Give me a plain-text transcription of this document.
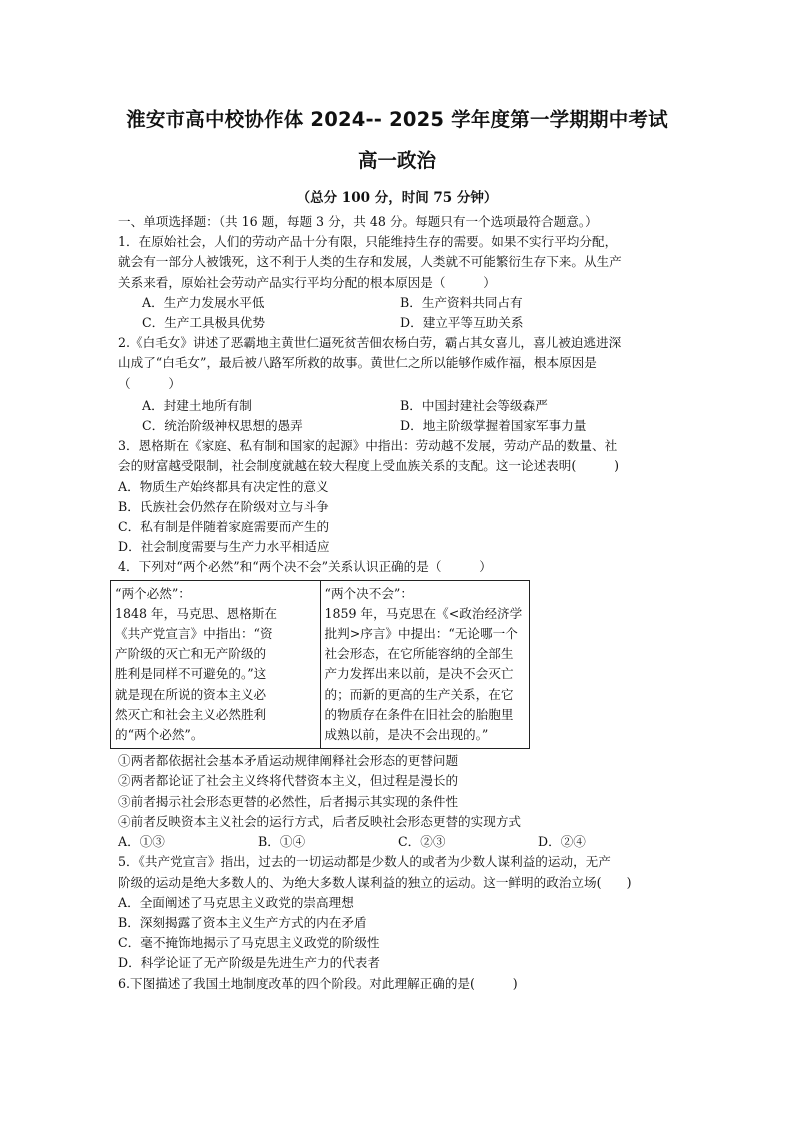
淮安市高中校协作体 2024-- 2025 学年度第一学期期中考试
高一政治
（总分 100 分，时间 75 分钟）

一、单项选择题：（共 16 题，每题 3 分，共 48 分。每题只有一个选项最符合题意。）

1．在原始社会，人们的劳动产品十分有限，只能维持生存的需要。如果不实行平均分配，

就会有一部分人被饿死，这不利于人类的生存和发展，人类就不可能繁衍生存下来。从生产

关系来看，原始社会劳动产品实行平均分配的根本原因是（　　　）

A．生产力发展水平低	B．生产资料共同占有
C．生产工具极具优势	D．建立平等互助关系

2.《白毛女》讲述了恶霸地主黄世仁逼死贫苦佃农杨白劳，霸占其女喜儿，喜儿被迫逃进深

山成了“白毛女”，最后被八路军所救的故事。黄世仁之所以能够作威作福，根本原因是

（　　　）

A．封建土地所有制	B．中国封建社会等级森严
C．统治阶级神权思想的愚弄	D．地主阶级掌握着国家军事力量

3．恩格斯在《家庭、私有制和国家的起源》中指出：劳动越不发展，劳动产品的数量、社

会的财富越受限制，社会制度就越在较大程度上受血族关系的支配。这一论述表明(　　　)

A．物质生产始终都具有决定性的意义

B．氏族社会仍然存在阶级对立与斗争

C．私有制是伴随着家庭需要而产生的

D．社会制度需要与生产力水平相适应

4．下列对“两个必然”和“两个决不会”关系认识正确的是（　　　）

“两个必然”：

1848 年，马克思、恩格斯在

《共产党宣言》中指出：“资

产阶级的灭亡和无产阶级的

胜利是同样不可避免的。”这

就是现在所说的资本主义必

然灭亡和社会主义必然胜利

的“两个必然”。

“两个决不会”：

1859 年，马克思在《<政治经济学

批判>序言》中提出：“无论哪一个

社会形态，在它所能容纳的全部生

产力发挥出来以前，是决不会灭亡

的；而新的更高的生产关系，在它

的物质存在条件在旧社会的胎胞里

成熟以前，是决不会出现的。”

①两者都依据社会基本矛盾运动规律阐释社会形态的更替问题

②两者都论证了社会主义终将代替资本主义，但过程是漫长的

③前者揭示社会形态更替的必然性，后者揭示其实现的条件性

④前者反映资本主义社会的运行方式，后者反映社会形态更替的实现方式

A．①③	B．①④	C．②③	D．②④

5．《共产党宣言》指出，过去的一切运动都是少数人的或者为少数人谋利益的运动，无产

阶级的运动是绝大多数人的、为绝大多数人谋利益的独立的运动。这一鲜明的政治立场(　　)

A．全面阐述了马克思主义政党的崇高理想

B．深刻揭露了资本主义生产方式的内在矛盾

C．毫不掩饰地揭示了马克思主义政党的阶级性

D．科学论证了无产阶级是先进生产力的代表者

6.下图描述了我国土地制度改革的四个阶段。对此理解正确的是(　　　)
